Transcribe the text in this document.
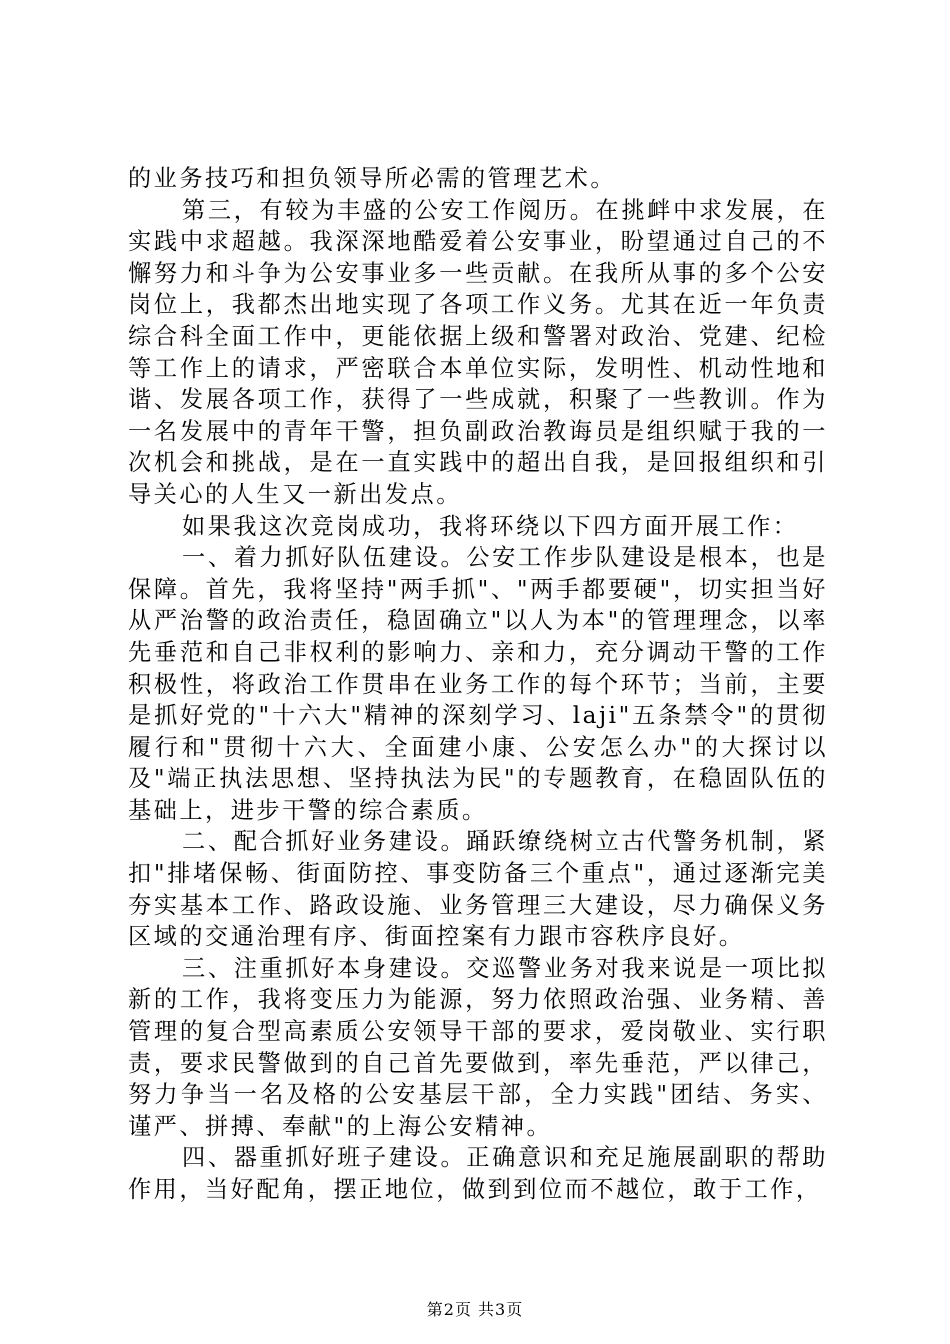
的业务技巧和担负领导所必需的管理艺术。

第三，有较为丰盛的公安工作阅历。在挑衅中求发展，在实践中求超越。我深深地酷爱着公安事业，盼望通过自己的不懈努力和斗争为公安事业多一些贡献。在我所从事的多个公安岗位上，我都杰出地实现了各项工作义务。尤其在近一年负责综合科全面工作中，更能依据上级和警署对政治、党建、纪检等工作上的请求，严密联合本单位实际，发明性、机动性地和谐、发展各项工作，获得了一些成就，积聚了一些教训。作为一名发展中的青年干警，担负副政治教诲员是组织赋于我的一次机会和挑战，是在一直实践中的超出自我，是回报组织和引导关心的人生又一新出发点。

如果我这次竞岗成功，我将环绕以下四方面开展工作：

一、着力抓好队伍建设。公安工作步队建设是根本，也是保障。首先，我将坚持"两手抓"、"两手都要硬"，切实担当好从严治警的政治责任，稳固确立"以人为本"的管理理念，以率先垂范和自己非权利的影响力、亲和力，充分调动干警的工作积极性，将政治工作贯串在业务工作的每个环节；当前，主要是抓好党的"十六大"精神的深刻学习、laji"五条禁令"的贯彻履行和"贯彻十六大、全面建小康、公安怎么办"的大探讨以及"端正执法思想、坚持执法为民"的专题教育，在稳固队伍的基础上，进步干警的综合素质。

二、配合抓好业务建设。踊跃缭绕树立古代警务机制，紧扣"排堵保畅、街面防控、事变防备三个重点"，通过逐渐完美夯实基本工作、路政设施、业务管理三大建设，尽力确保义务区域的交通治理有序、街面控案有力跟市容秩序良好。

三、注重抓好本身建设。交巡警业务对我来说是一项比拟新的工作，我将变压力为能源，努力依照政治强、业务精、善管理的复合型高素质公安领导干部的要求，爱岗敬业、实行职责，要求民警做到的自己首先要做到，率先垂范，严以律己，努力争当一名及格的公安基层干部，全力实践"团结、务实、谨严、拼搏、奉献"的上海公安精神。

四、器重抓好班子建设。正确意识和充足施展副职的帮助作用，当好配角，摆正地位，做到到位而不越位，敢于工作，

第2页 共3页
